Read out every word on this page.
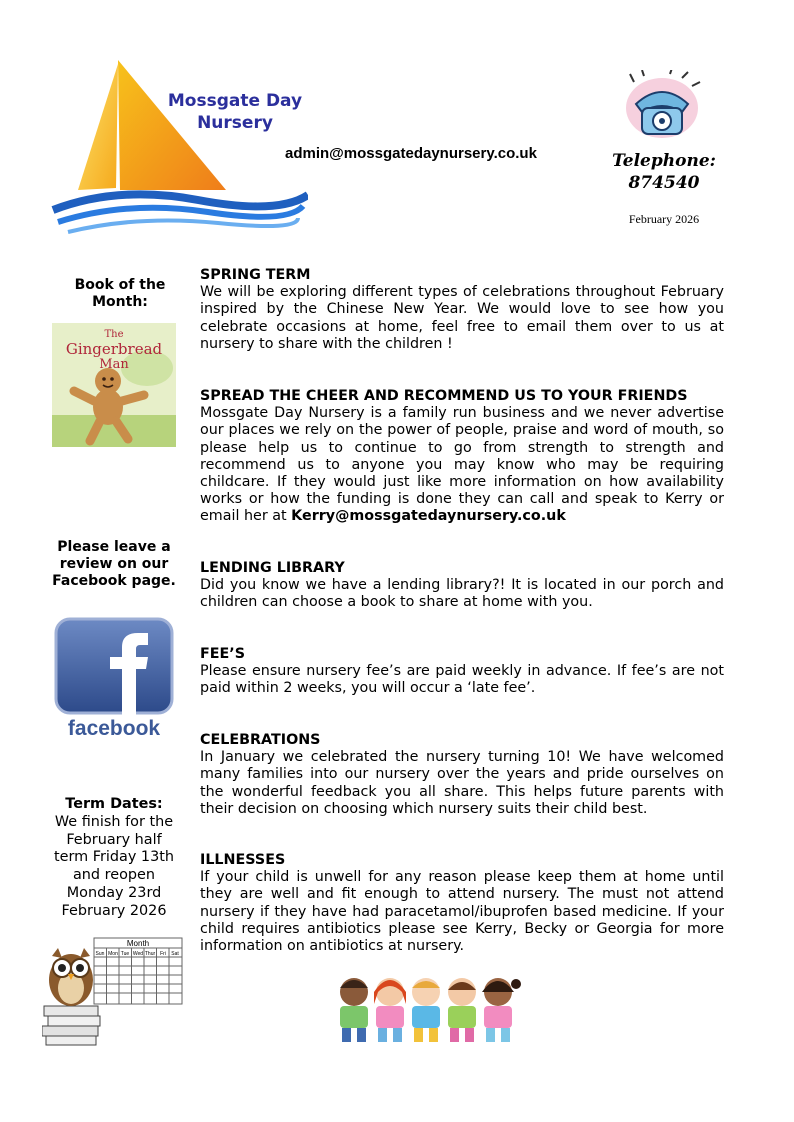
Mossgate Day
Nursery
admin@mossgatedaynursery.co.uk	Telephone:
874540
February 2026
Book of the Month:
The
Gingerbread
Man
Please leave a review on our Facebook page.
facebook
Term Dates:
We finish for the February half term Friday 13th and reopen Monday 23rd February 2026
Month
Sun Mon Tue Wed Thur Fri Sat
SPRING TERM
We will be exploring different types of celebrations throughout February inspired by the Chinese New Year. We would love to see how you celebrate occasions at home, feel free to email them over to us at nursery to share with the children !
SPREAD THE CHEER AND RECOMMEND US TO YOUR FRIENDS
Mossgate Day Nursery is a family run business and we never advertise our places we rely on the power of people, praise and word of mouth, so please help us to continue to go from strength to strength and recommend us to anyone you may know who may be requiring childcare. If they would just like more information on how availability works or how the funding is done they can call and speak to Kerry or email her at Kerry@mossgatedaynursery.co.uk
LENDING LIBRARY
Did you know we have a lending library?! It is located in our porch and children can choose a book to share at home with you.
FEE’S
Please ensure nursery fee’s are paid weekly in advance. If fee’s are not paid within 2 weeks, you will occur a ‘late fee’.
CELEBRATIONS
In January we celebrated the nursery turning 10! We have welcomed many families into our nursery over the years and pride ourselves on the wonderful feedback you all share. This helps future parents with their decision on choosing which nursery suits their child best.
ILLNESSES
If your child is unwell for any reason please keep them at home until they are well and fit enough to attend nursery. The must not attend nursery if they have had paracetamol/ibuprofen based medicine. If your child requires antibiotics please see Kerry, Becky or Georgia for more information on antibiotics at nursery.
